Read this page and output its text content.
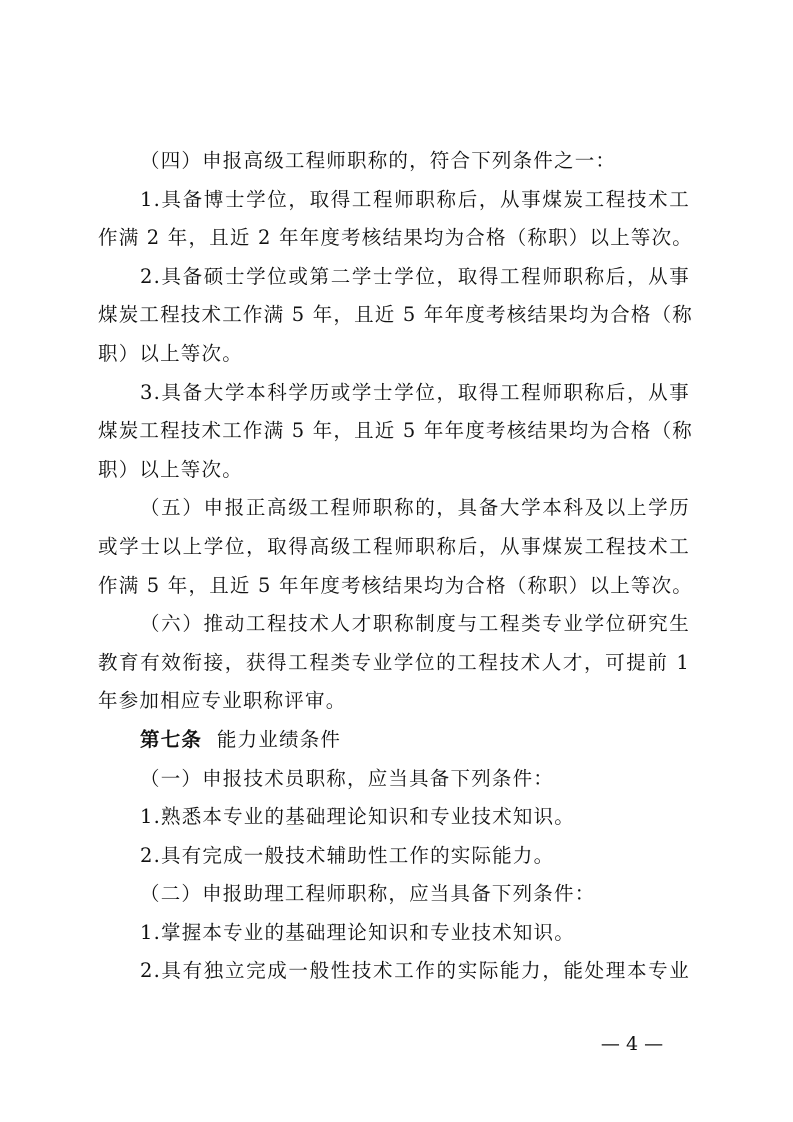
（四）申报高级工程师职称的，符合下列条件之一：
1.具备博士学位，取得工程师职称后，从事煤炭工程技术工
作满 2 年，且近 2 年年度考核结果均为合格（称职）以上等次。
2.具备硕士学位或第二学士学位，取得工程师职称后，从事
煤炭工程技术工作满 5 年，且近 5 年年度考核结果均为合格（称
职）以上等次。
3.具备大学本科学历或学士学位，取得工程师职称后，从事
煤炭工程技术工作满 5 年，且近 5 年年度考核结果均为合格（称
职）以上等次。
（五）申报正高级工程师职称的，具备大学本科及以上学历
或学士以上学位，取得高级工程师职称后，从事煤炭工程技术工
作满 5 年，且近 5 年年度考核结果均为合格（称职）以上等次。
（六）推动工程技术人才职称制度与工程类专业学位研究生
教育有效衔接，获得工程类专业学位的工程技术人才，可提前 1
年参加相应专业职称评审。
第七条 能力业绩条件
（一）申报技术员职称，应当具备下列条件：
1.熟悉本专业的基础理论知识和专业技术知识。
2.具有完成一般技术辅助性工作的实际能力。
（二）申报助理工程师职称，应当具备下列条件：
1.掌握本专业的基础理论知识和专业技术知识。
2.具有独立完成一般性技术工作的实际能力，能处理本专业
— 4 —
